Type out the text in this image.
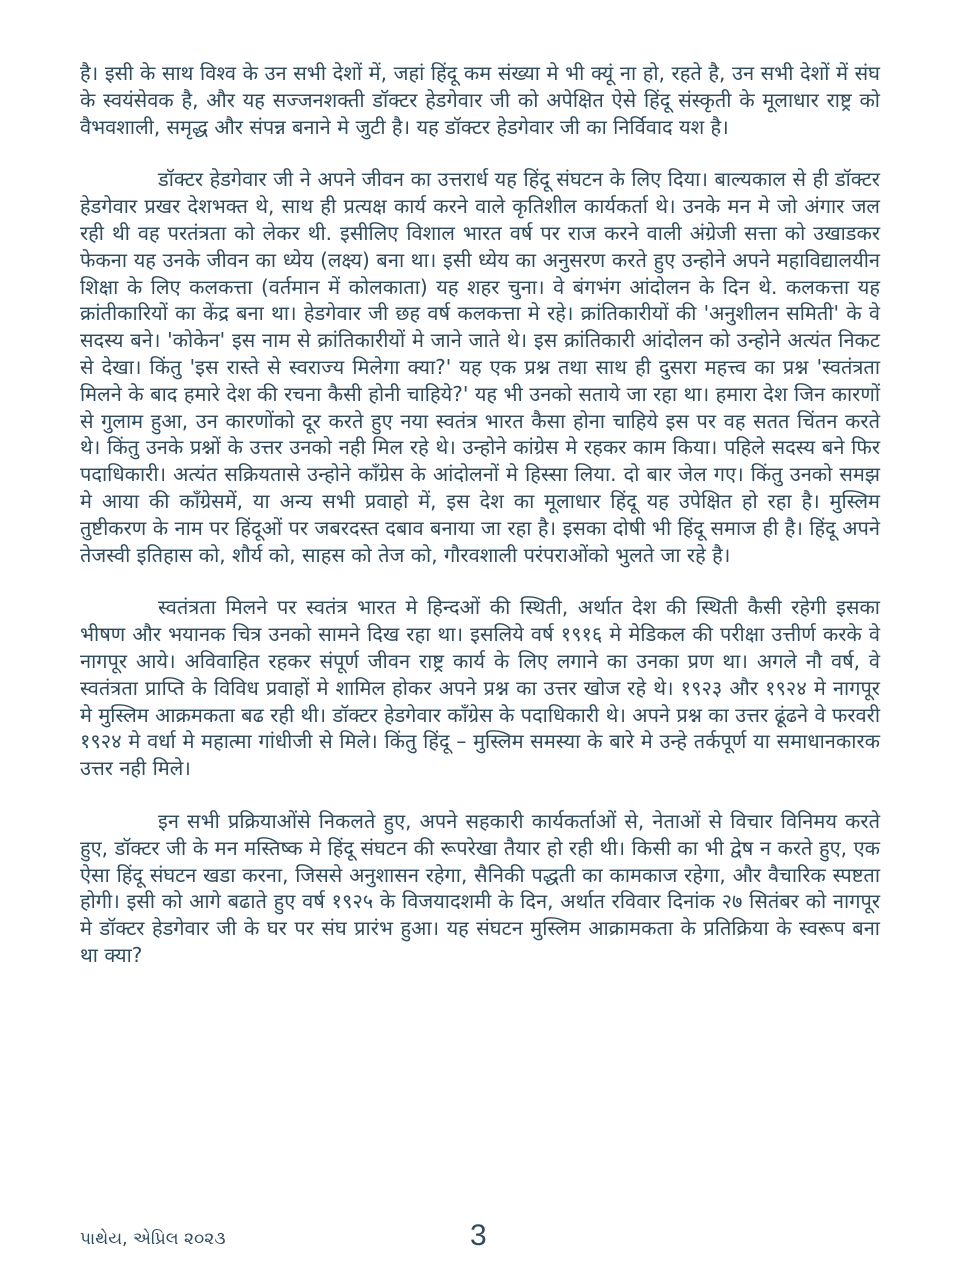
है। इसी के साथ विश्व के उन सभी देशों में, जहां हिंदू कम संख्या मे भी क्यूं ना हो, रहते है, उन सभी देशों में संघ के स्वयंसेवक है, और यह सज्जनशक्ती डॉक्टर हेडगेवार जी को अपेक्षित ऐसे हिंदू संस्कृती के मूलाधार राष्ट्र को वैभवशाली, समृद्ध और संपन्न बनाने मे जुटी है। यह डॉक्टर हेडगेवार जी का निर्विवाद यश है।

डॉक्टर हेडगेवार जी ने अपने जीवन का उत्तरार्ध यह हिंदू संघटन के लिए दिया। बाल्यकाल से ही डॉक्टर हेडगेवार प्रखर देशभक्त थे, साथ ही प्रत्यक्ष कार्य करने वाले कृतिशील कार्यकर्ता थे। उनके मन मे जो अंगार जल रही थी वह परतंत्रता को लेकर थी. इसीलिए विशाल भारत वर्ष पर राज करने वाली अंग्रेजी सत्ता को उखाडकर फेकना यह उनके जीवन का ध्येय (लक्ष्य) बना था। इसी ध्येय का अनुसरण करते हुए उन्होने अपने महाविद्यालयीन शिक्षा के लिए कलकत्ता (वर्तमान में कोलकाता) यह शहर चुना। वे बंगभंग आंदोलन के दिन थे. कलकत्ता यह क्रांतीकारियों का केंद्र बना था। हेडगेवार जी छह वर्ष कलकत्ता मे रहे। क्रांतिकारीयों की 'अनुशीलन समिती' के वे सदस्य बने। 'कोकेन' इस नाम से क्रांतिकारीयों मे जाने जाते थे। इस क्रांतिकारी आंदोलन को उन्होने अत्यंत निकट से देखा। किंतु 'इस रास्ते से स्वराज्य मिलेगा क्या?' यह एक प्रश्न तथा साथ ही दुसरा महत्त्व का प्रश्न 'स्वतंत्रता मिलने के बाद हमारे देश की रचना कैसी होनी चाहिये?' यह भी उनको सताये जा रहा था। हमारा देश जिन कारणों से गुलाम हुआ, उन कारणोंको दूर करते हुए नया स्वतंत्र भारत कैसा होना चाहिये इस पर वह सतत चिंतन करते थे। किंतु उनके प्रश्नों के उत्तर उनको नही मिल रहे थे। उन्होने कांग्रेस मे रहकर काम किया। पहिले सदस्य बने फिर पदाधिकारी। अत्यंत सक्रियतासे उन्होने कॉंग्रेस के आंदोलनों मे हिस्सा लिया. दो बार जेल गए। किंतु उनको समझ मे आया की कॉंग्रेसमें, या अन्य सभी प्रवाहो में, इस देश का मूलाधार हिंदू यह उपेक्षित हो रहा है। मुस्लिम तुष्टीकरण के नाम पर हिंदूओं पर जबरदस्त दबाव बनाया जा रहा है। इसका दोषी भी हिंदू समाज ही है। हिंदू अपने तेजस्वी इतिहास को, शौर्य को, साहस को तेज को, गौरवशाली परंपराओंको भुलते जा रहे है।

स्वतंत्रता मिलने पर स्वतंत्र भारत मे हिन्दओं की स्थिती, अर्थात देश की स्थिती कैसी रहेगी इसका भीषण और भयानक चित्र उनको सामने दिख रहा था। इसलिये वर्ष १९१६ मे मेडिकल की परीक्षा उत्तीर्ण करके वे नागपूर आये। अविवाहित रहकर संपूर्ण जीवन राष्ट्र कार्य के लिए लगाने का उनका प्रण था। अगले नौ वर्ष, वे स्वतंत्रता प्राप्ति के विविध प्रवाहों मे शामिल होकर अपने प्रश्न का उत्तर खोज रहे थे। १९२३ और १९२४ मे नागपूर मे मुस्लिम आक्रमकता बढ रही थी। डॉक्टर हेडगेवार कॉंग्रेस के पदाधिकारी थे। अपने प्रश्न का उत्तर ढूंढने वे फरवरी १९२४ मे वर्धा मे महात्मा गांधीजी से मिले। किंतु हिंदू – मुस्लिम समस्या के बारे मे उन्हे तर्कपूर्ण या समाधानकारक उत्तर नही मिले।

इन सभी प्रक्रियाओंसे निकलते हुए, अपने सहकारी कार्यकर्ताओं से, नेताओं से विचार विनिमय करते हुए, डॉक्टर जी के मन मस्तिष्क मे हिंदू संघटन की रूपरेखा तैयार हो रही थी। किसी का भी द्वेष न करते हुए, एक ऐसा हिंदू संघटन खडा करना, जिससे अनुशासन रहेगा, सैनिकी पद्धती का कामकाज रहेगा, और वैचारिक स्पष्टता होगी। इसी को आगे बढाते हुए वर्ष १९२५ के विजयादशमी के दिन, अर्थात रविवार दिनांक २७ सितंबर को नागपूर मे डॉक्टर हेडगेवार जी के घर पर संघ प्रारंभ हुआ। यह संघटन मुस्लिम आक्रामकता के प्रतिक्रिया के स्वरूप बना था क्या?

પાથેય, એપ્રિલ ૨૦૨૩	3
